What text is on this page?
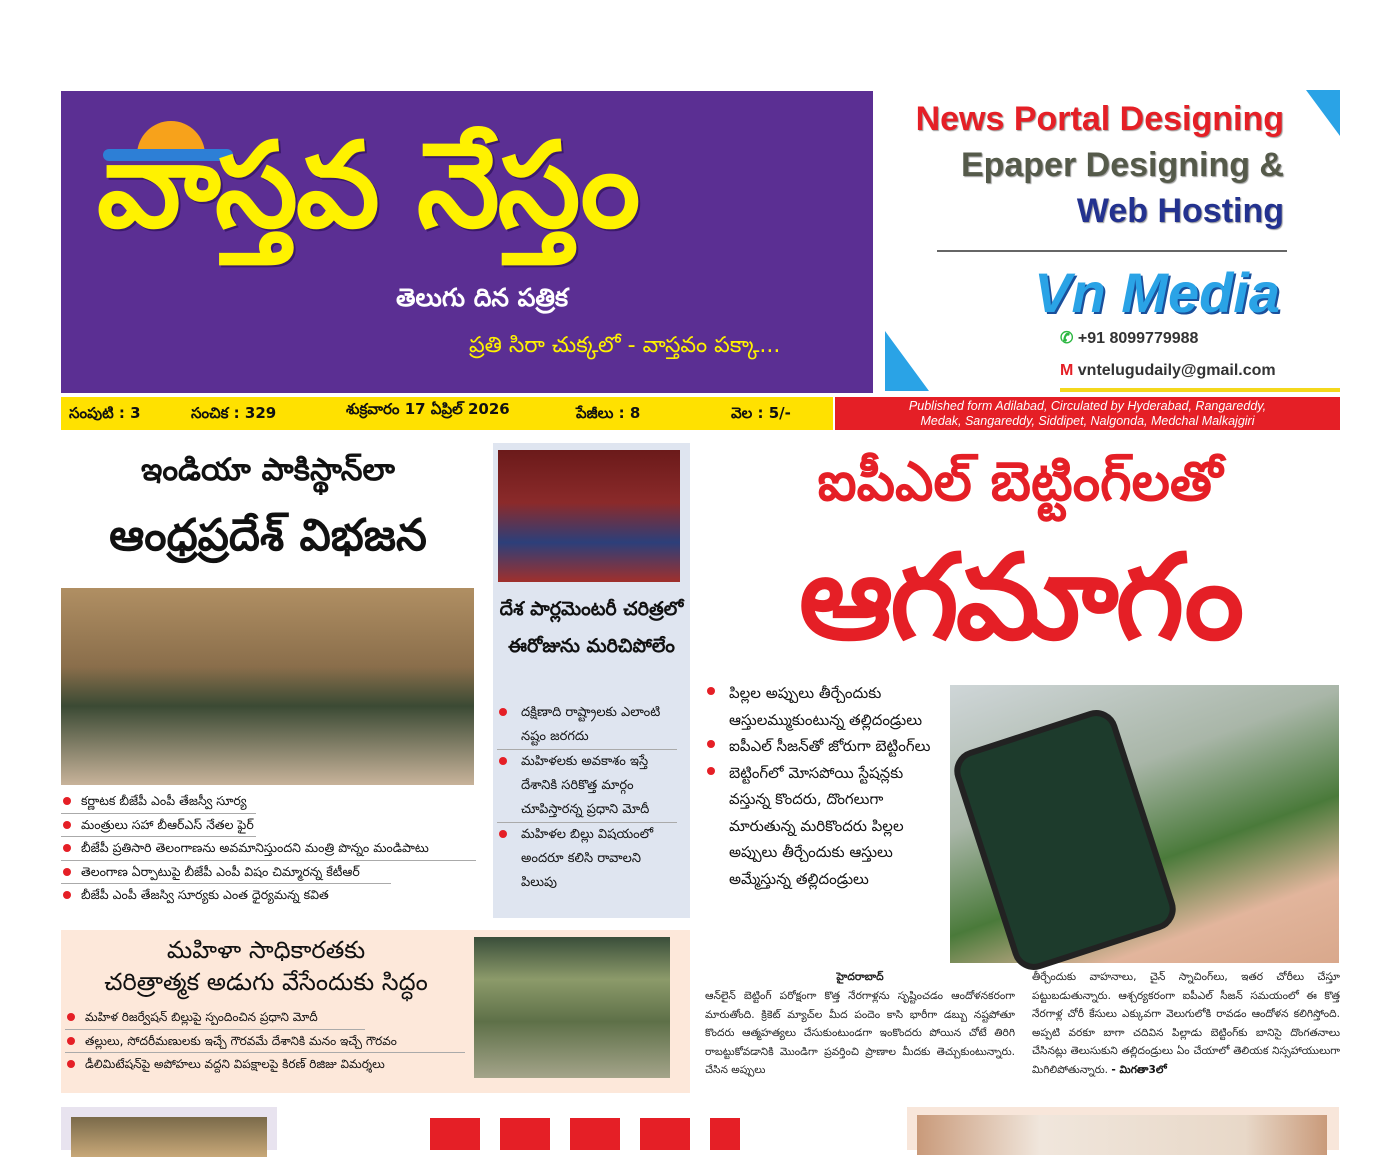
వాస్తవ నేస్తం
తెలుగు దిన పత్రిక
ప్రతి సిరా చుక్కలో - వాస్తవం పక్కా...
News Portal Designing
Epaper Designing &
Web Hosting
Vn Media
✆ +91 8099779988
M vntelugudaily@gmail.com
సంపుటి : 3	సంచిక : 329	శుక్రవారం 17 ఏప్రిల్ 2026	పేజీలు : 8	వెల : 5/-	Published form Adilabad, Circulated by Hyderabad, Rangareddy,
Medak, Sangareddy, Siddipet, Nalgonda, Medchal Malkajgiri
ఇండియా పాకిస్థాన్‌లా
ఆంధ్రప్రదేశ్ విభజన
కర్ణాటక బీజేపీ ఎంపీ తేజస్వీ సూర్య
మంత్రులు సహా బీఆర్ఎస్ నేతల ఫైర్
బీజేపీ ప్రతిసారి తెలంగాణను అవమానిస్తుందని మంత్రి పొన్నం మండిపాటు
తెలంగాణ ఏర్పాటుపై బీజేపీ ఎంపీ విషం చిమ్మారన్న కేటీఆర్
బీజేపీ ఎంపీ తేజస్వి సూర్యకు ఎంత ధైర్యమన్న కవిత
దేశ పార్లమెంటరీ చరిత్రలో ఈరోజును మరిచిపోలేం
దక్షిణాది రాష్ట్రాలకు ఎలాంటి నష్టం జరగదు
మహిళలకు అవకాశం ఇస్తే దేశానికి సరికొత్త మార్గం చూపిస్తారన్న ప్రధాని మోదీ
మహిళల బిల్లు విషయంలో అందరూ కలిసి రావాలని పిలుపు
ఐపీఎల్ బెట్టింగ్‌లతో
ఆగమాగం
పిల్లల అప్పులు తీర్చేందుకు ఆస్తులమ్ముకుంటున్న తల్లిదండ్రులు
ఐపీఎల్ సీజన్‌తో జోరుగా బెట్టింగ్‌లు
బెట్టింగ్‌లో మోసపోయి స్టేషన్లకు వస్తున్న కొందరు, దొంగలుగా మారుతున్న మరికొందరు పిల్లల అప్పులు తీర్చేందుకు ఆస్తులు అమ్మేస్తున్న తల్లిదండ్రులు
హైదరాబాద్
ఆన్‌లైన్ బెట్టింగ్ పరోక్షంగా కొత్త నేరగాళ్లను సృష్టించడం ఆందోళనకరంగా మారుతోంది. క్రికెట్ మ్యాచ్‌ల మీద పందెం కాసి భారీగా డబ్బు నష్టపోతూ కొందరు ఆత్మహత్యలు చేసుకుంటుండగా ఇంకొందరు పోయిన చోటే తిరిగి రాబట్టుకోవడానికి మొండిగా ప్రవర్తించి ప్రాణాల మీదకు తెచ్చుకుంటున్నారు. చేసిన అప్పులు
తీర్చేందుకు వాహనాలు, చైన్ స్నాచింగ్‌లు, ఇతర చోరీలు చేస్తూ పట్టుబడుతున్నారు. ఆశ్చర్యకరంగా ఐపీఎల్ సీజన్ సమయంలో ఈ కొత్త నేరగాళ్ల చోరీ కేసులు ఎక్కువగా వెలుగులోకి రావడం ఆందోళన కలిగిస్తోంది. అప్పటి వరకూ బాగా చదివిన పిల్లాడు బెట్టింగ్‌కు బానిసై దొంగతనాలు చేసినట్లు తెలుసుకుని తల్లిదండ్రులు ఏం చేయాలో తెలియక నిస్సహాయులుగా మిగిలిపోతున్నారు. - మిగతా3లో
మహిళా సాధికారతకు
చరిత్రాత్మక అడుగు వేసేందుకు సిద్ధం
మహిళ రిజర్వేషన్ బిల్లుపై స్పందించిన ప్రధాని మోదీ
తల్లులు, సోదరీమణులకు ఇచ్చే గౌరవమే దేశానికి మనం ఇచ్చే గౌరవం
డీలిమిటేషన్‌పై అపోహలు వద్దని విపక్షాలపై కిరణ్ రిజిజు విమర్శలు
